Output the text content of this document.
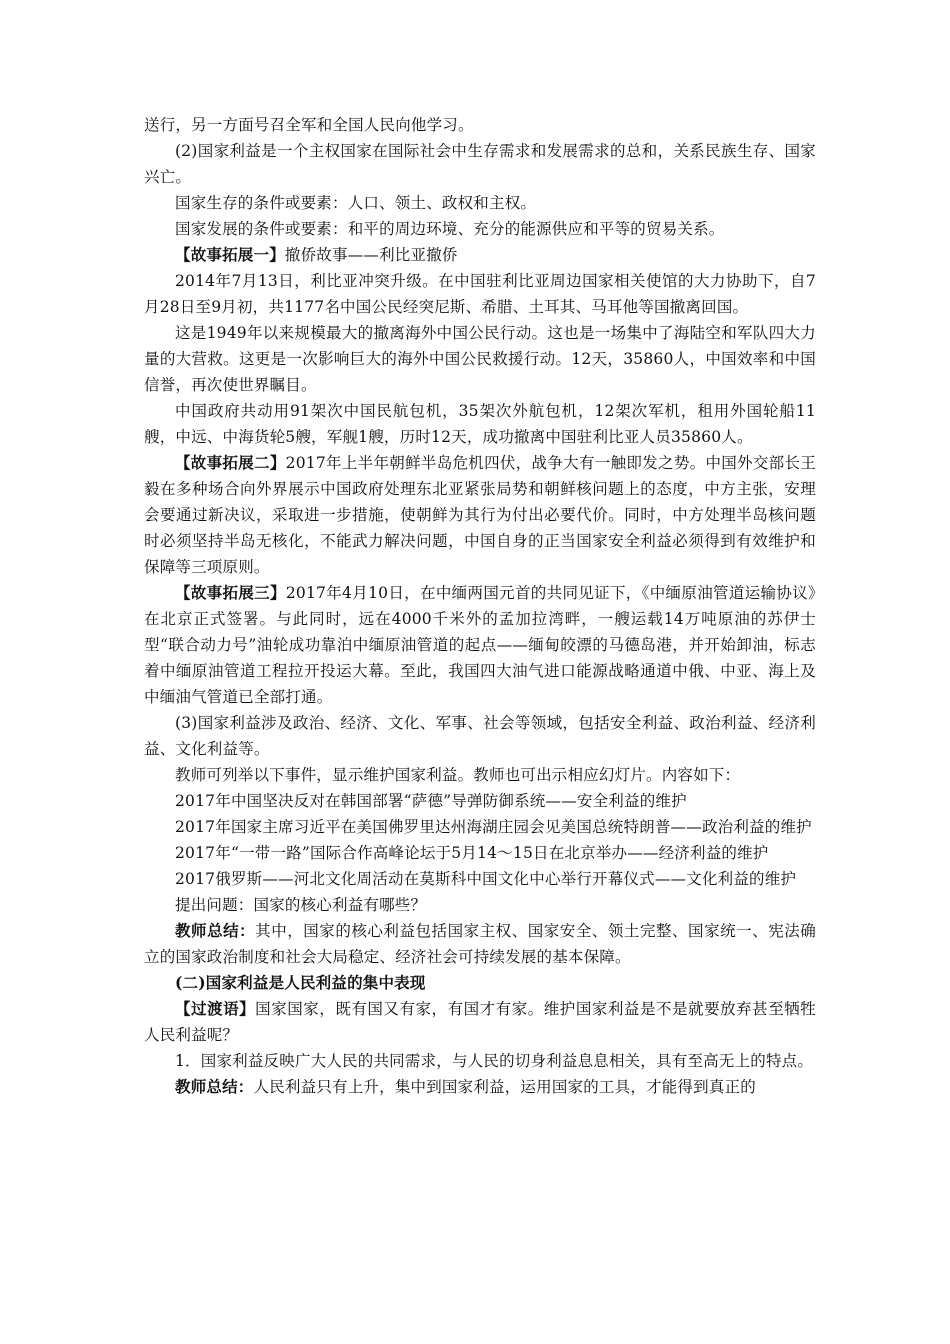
送行，另一方面号召全军和全国人民向他学习。

(2)国家利益是一个主权国家在国际社会中生存需求和发展需求的总和，关系民族生存、国家兴亡。

国家生存的条件或要素：人口、领土、政权和主权。

国家发展的条件或要素：和平的周边环境、充分的能源供应和平等的贸易关系。

【故事拓展一】撤侨故事——利比亚撤侨

2014年7月13日，利比亚冲突升级。在中国驻利比亚周边国家相关使馆的大力协助下，自7月28日至9月初，共1177名中国公民经突尼斯、希腊、土耳其、马耳他等国撤离回国。

这是1949年以来规模最大的撤离海外中国公民行动。这也是一场集中了海陆空和军队四大力量的大营救。这更是一次影响巨大的海外中国公民救援行动。12天，35860人，中国效率和中国信誉，再次使世界瞩目。

中国政府共动用91架次中国民航包机，35架次外航包机，12架次军机，租用外国轮船11艘，中远、中海货轮5艘，军舰1艘，历时12天，成功撤离中国驻利比亚人员35860人。

【故事拓展二】2017年上半年朝鲜半岛危机四伏，战争大有一触即发之势。中国外交部长王毅在多种场合向外界展示中国政府处理东北亚紧张局势和朝鲜核问题上的态度，中方主张，安理会要通过新决议，采取进一步措施，使朝鲜为其行为付出必要代价。同时，中方处理半岛核问题时必须坚持半岛无核化，不能武力解决问题，中国自身的正当国家安全利益必须得到有效维护和保障等三项原则。

【故事拓展三】2017年4月10日，在中缅两国元首的共同见证下，《中缅原油管道运输协议》在北京正式签署。与此同时，远在4000千米外的孟加拉湾畔，一艘运载14万吨原油的苏伊士型“联合动力号”油轮成功靠泊中缅原油管道的起点——缅甸皎漂的马德岛港，并开始卸油，标志着中缅原油管道工程拉开投运大幕。至此，我国四大油气进口能源战略通道中俄、中亚、海上及中缅油气管道已全部打通。

(3)国家利益涉及政治、经济、文化、军事、社会等领域，包括安全利益、政治利益、经济利益、文化利益等。

教师可列举以下事件，显示维护国家利益。教师也可出示相应幻灯片。内容如下：

2017年中国坚决反对在韩国部署“萨德”导弹防御系统——安全利益的维护

2017年国家主席习近平在美国佛罗里达州海湖庄园会见美国总统特朗普——政治利益的维护

2017年“一带一路”国际合作高峰论坛于5月14～15日在北京举办——经济利益的维护

2017俄罗斯——河北文化周活动在莫斯科中国文化中心举行开幕仪式——文化利益的维护

提出问题：国家的核心利益有哪些？

教师总结：其中，国家的核心利益包括国家主权、国家安全、领土完整、国家统一、宪法确立的国家政治制度和社会大局稳定、经济社会可持续发展的基本保障。

(二)国家利益是人民利益的集中表现

【过渡语】国家国家，既有国又有家，有国才有家。维护国家利益是不是就要放弃甚至牺牲人民利益呢？

1．国家利益反映广大人民的共同需求，与人民的切身利益息息相关，具有至高无上的特点。

教师总结：人民利益只有上升，集中到国家利益，运用国家的工具，才能得到真正的
